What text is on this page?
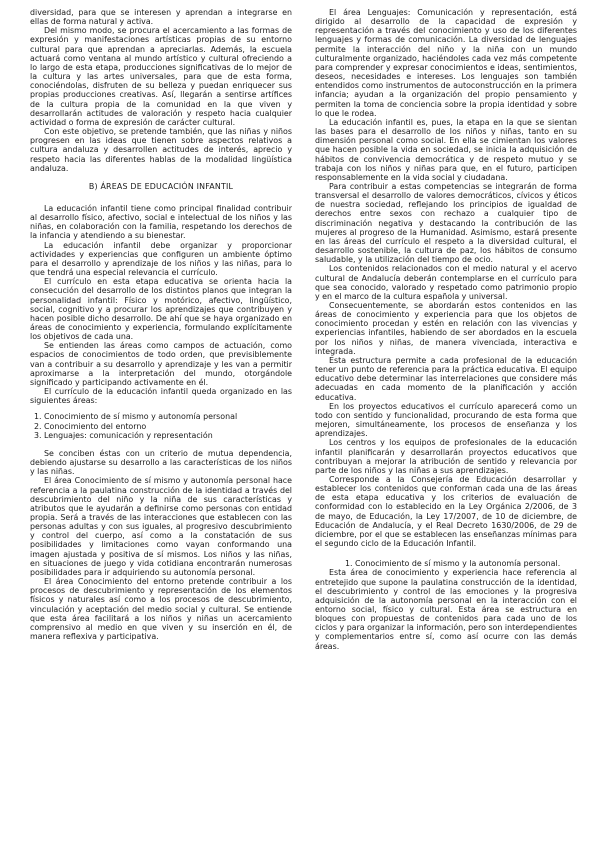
diversidad, para que se interesen y aprendan a integrarse en ellas de forma natural y activa.

Del mismo modo, se procura el acercamiento a las formas de expresión y manifestaciones artísticas propias de su entorno cultural para que aprendan a apreciarlas. Además, la escuela actuará como ventana al mundo artístico y cultural ofreciendo a lo largo de esta etapa, producciones significativas de lo mejor de la cultura y las artes universales, para que de esta forma, conociéndolas, disfruten de su belleza y puedan enriquecer sus propias producciones creativas. Así, llegarán a sentirse artífices de la cultura propia de la comunidad en la que viven y desarrollarán actitudes de valoración y respeto hacia cualquier actividad o forma de expresión de carácter cultural.

Con este objetivo, se pretende también, que las niñas y niños progresen en las ideas que tienen sobre aspectos relativos a cultura andaluza y desarrollen actitudes de interés, aprecio y respeto hacia las diferentes hablas de la modalidad lingüística andaluza.

B) ÁREAS DE EDUCACIÓN INFANTIL

La educación infantil tiene como principal finalidad contribuir al desarrollo físico, afectivo, social e intelectual de los niños y las niñas, en colaboración con la familia, respetando los derechos de la infancia y atendiendo a su bienestar.

La educación infantil debe organizar y proporcionar actividades y experiencias que configuren un ambiente óptimo para el desarrollo y aprendizaje de los niños y las niñas, para lo que tendrá una especial relevancia el currículo.

El currículo en esta etapa educativa se orienta hacia la consecución del desarrollo de los distintos planos que integran la personalidad infantil: Físico y motórico, afectivo, lingüístico, social, cognitivo y a procurar los aprendizajes que contribuyen y hacen posible dicho desarrollo. De ahí que se haya organizado en áreas de conocimiento y experiencia, formulando explícitamente los objetivos de cada una.

Se entienden las áreas como campos de actuación, como espacios de conocimientos de todo orden, que previsiblemente van a contribuir a su desarrollo y aprendizaje y les van a permitir aproximarse a la interpretación del mundo, otorgándole significado y participando activamente en él.

El currículo de la educación infantil queda organizado en las siguientes áreas:

1. Conocimiento de sí mismo y autonomía personal
2. Conocimiento del entorno
3. Lenguajes: comunicación y representación

Se conciben éstas con un criterio de mutua dependencia, debiendo ajustarse su desarrollo a las características de los niños y las niñas.

El área Conocimiento de sí mismo y autonomía personal hace referencia a la paulatina construcción de la identidad a través del descubrimiento del niño y la niña de sus características y atributos que le ayudarán a definirse como personas con entidad propia. Será a través de las interacciones que establecen con las personas adultas y con sus iguales, al progresivo descubrimiento y control del cuerpo, así como a la constatación de sus posibilidades y limitaciones como vayan conformando una imagen ajustada y positiva de sí mismos. Los niños y las niñas, en situaciones de juego y vida cotidiana encontrarán numerosas posibilidades para ir adquiriendo su autonomía personal.

El área Conocimiento del entorno pretende contribuir a los procesos de descubrimiento y representación de los elementos físicos y naturales así como a los procesos de descubrimiento, vinculación y aceptación del medio social y cultural. Se entiende que esta área facilitará a los niños y niñas un acercamiento comprensivo al medio en que viven y su inserción en él, de manera reflexiva y participativa.

El área Lenguajes: Comunicación y representación, está dirigido al desarrollo de la capacidad de expresión y representación a través del conocimiento y uso de los diferentes lenguajes y formas de comunicación. La diversidad de lenguajes permite la interacción del niño y la niña con un mundo culturalmente organizado, haciéndoles cada vez más competente para comprender y expresar conocimientos e ideas, sentimientos, deseos, necesidades e intereses. Los lenguajes son también entendidos como instrumentos de autoconstrucción en la primera infancia; ayudan a la organización del propio pensamiento y permiten la toma de conciencia sobre la propia identidad y sobre lo que le rodea.

La educación infantil es, pues, la etapa en la que se sientan las bases para el desarrollo de los niños y niñas, tanto en su dimensión personal como social. En ella se cimientan los valores que hacen posible la vida en sociedad, se inicia la adquisición de hábitos de convivencia democrática y de respeto mutuo y se trabaja con los niños y niñas para que, en el futuro, participen responsablemente en la vida social y ciudadana.

Para contribuir a estas competencias se integrarán de forma transversal el desarrollo de valores democráticos, cívicos y éticos de nuestra sociedad, reflejando los principios de igualdad de derechos entre sexos con rechazo a cualquier tipo de discriminación negativa y destacando la contribución de las mujeres al progreso de la Humanidad. Asimismo, estará presente en las áreas del currículo el respeto a la diversidad cultural, el desarrollo sostenible, la cultura de paz, los hábitos de consumo saludable, y la utilización del tiempo de ocio.

Los contenidos relacionados con el medio natural y el acervo cultural de Andalucía deberán contemplarse en el currículo para que sea conocido, valorado y respetado como patrimonio propio y en el marco de la cultura española y universal.

Consecuentemente, se abordarán estos contenidos en las áreas de conocimiento y experiencia para que los objetos de conocimiento procedan y estén en relación con las vivencias y experiencias infantiles, habiendo de ser abordados en la escuela por los niños y niñas, de manera vivenciada, interactiva e integrada.

Esta estructura permite a cada profesional de la educación tener un punto de referencia para la práctica educativa. El equipo educativo debe determinar las interrelaciones que considere más adecuadas en cada momento de la planificación y acción educativa.

En los proyectos educativos el currículo aparecerá como un todo con sentido y funcionalidad, procurando de esta forma que mejoren, simultáneamente, los procesos de enseñanza y los aprendizajes.

Los centros y los equipos de profesionales de la educación infantil planificarán y desarrollarán proyectos educativos que contribuyan a mejorar la atribución de sentido y relevancia por parte de los niños y las niñas a sus aprendizajes.

Corresponde a la Consejería de Educación desarrollar y establecer los contenidos que conforman cada una de las áreas de esta etapa educativa y los criterios de evaluación de conformidad con lo establecido en la Ley Orgánica 2/2006, de 3 de mayo, de Educación, la Ley 17/2007, de 10 de diciembre, de Educación de Andalucía, y el Real Decreto 1630/2006, de 29 de diciembre, por el que se establecen las enseñanzas mínimas para el segundo ciclo de la Educación Infantil.

1. Conocimiento de sí mismo y la autonomía personal.

Esta área de conocimiento y experiencia hace referencia al entretejido que supone la paulatina construcción de la identidad, el descubrimiento y control de las emociones y la progresiva adquisición de la autonomía personal en la interacción con el entorno social, físico y cultural. Esta área se estructura en bloques con propuestas de contenidos para cada uno de los ciclos y para organizar la información, pero son interdependientes y complementarios entre sí, como así ocurre con las demás áreas.
